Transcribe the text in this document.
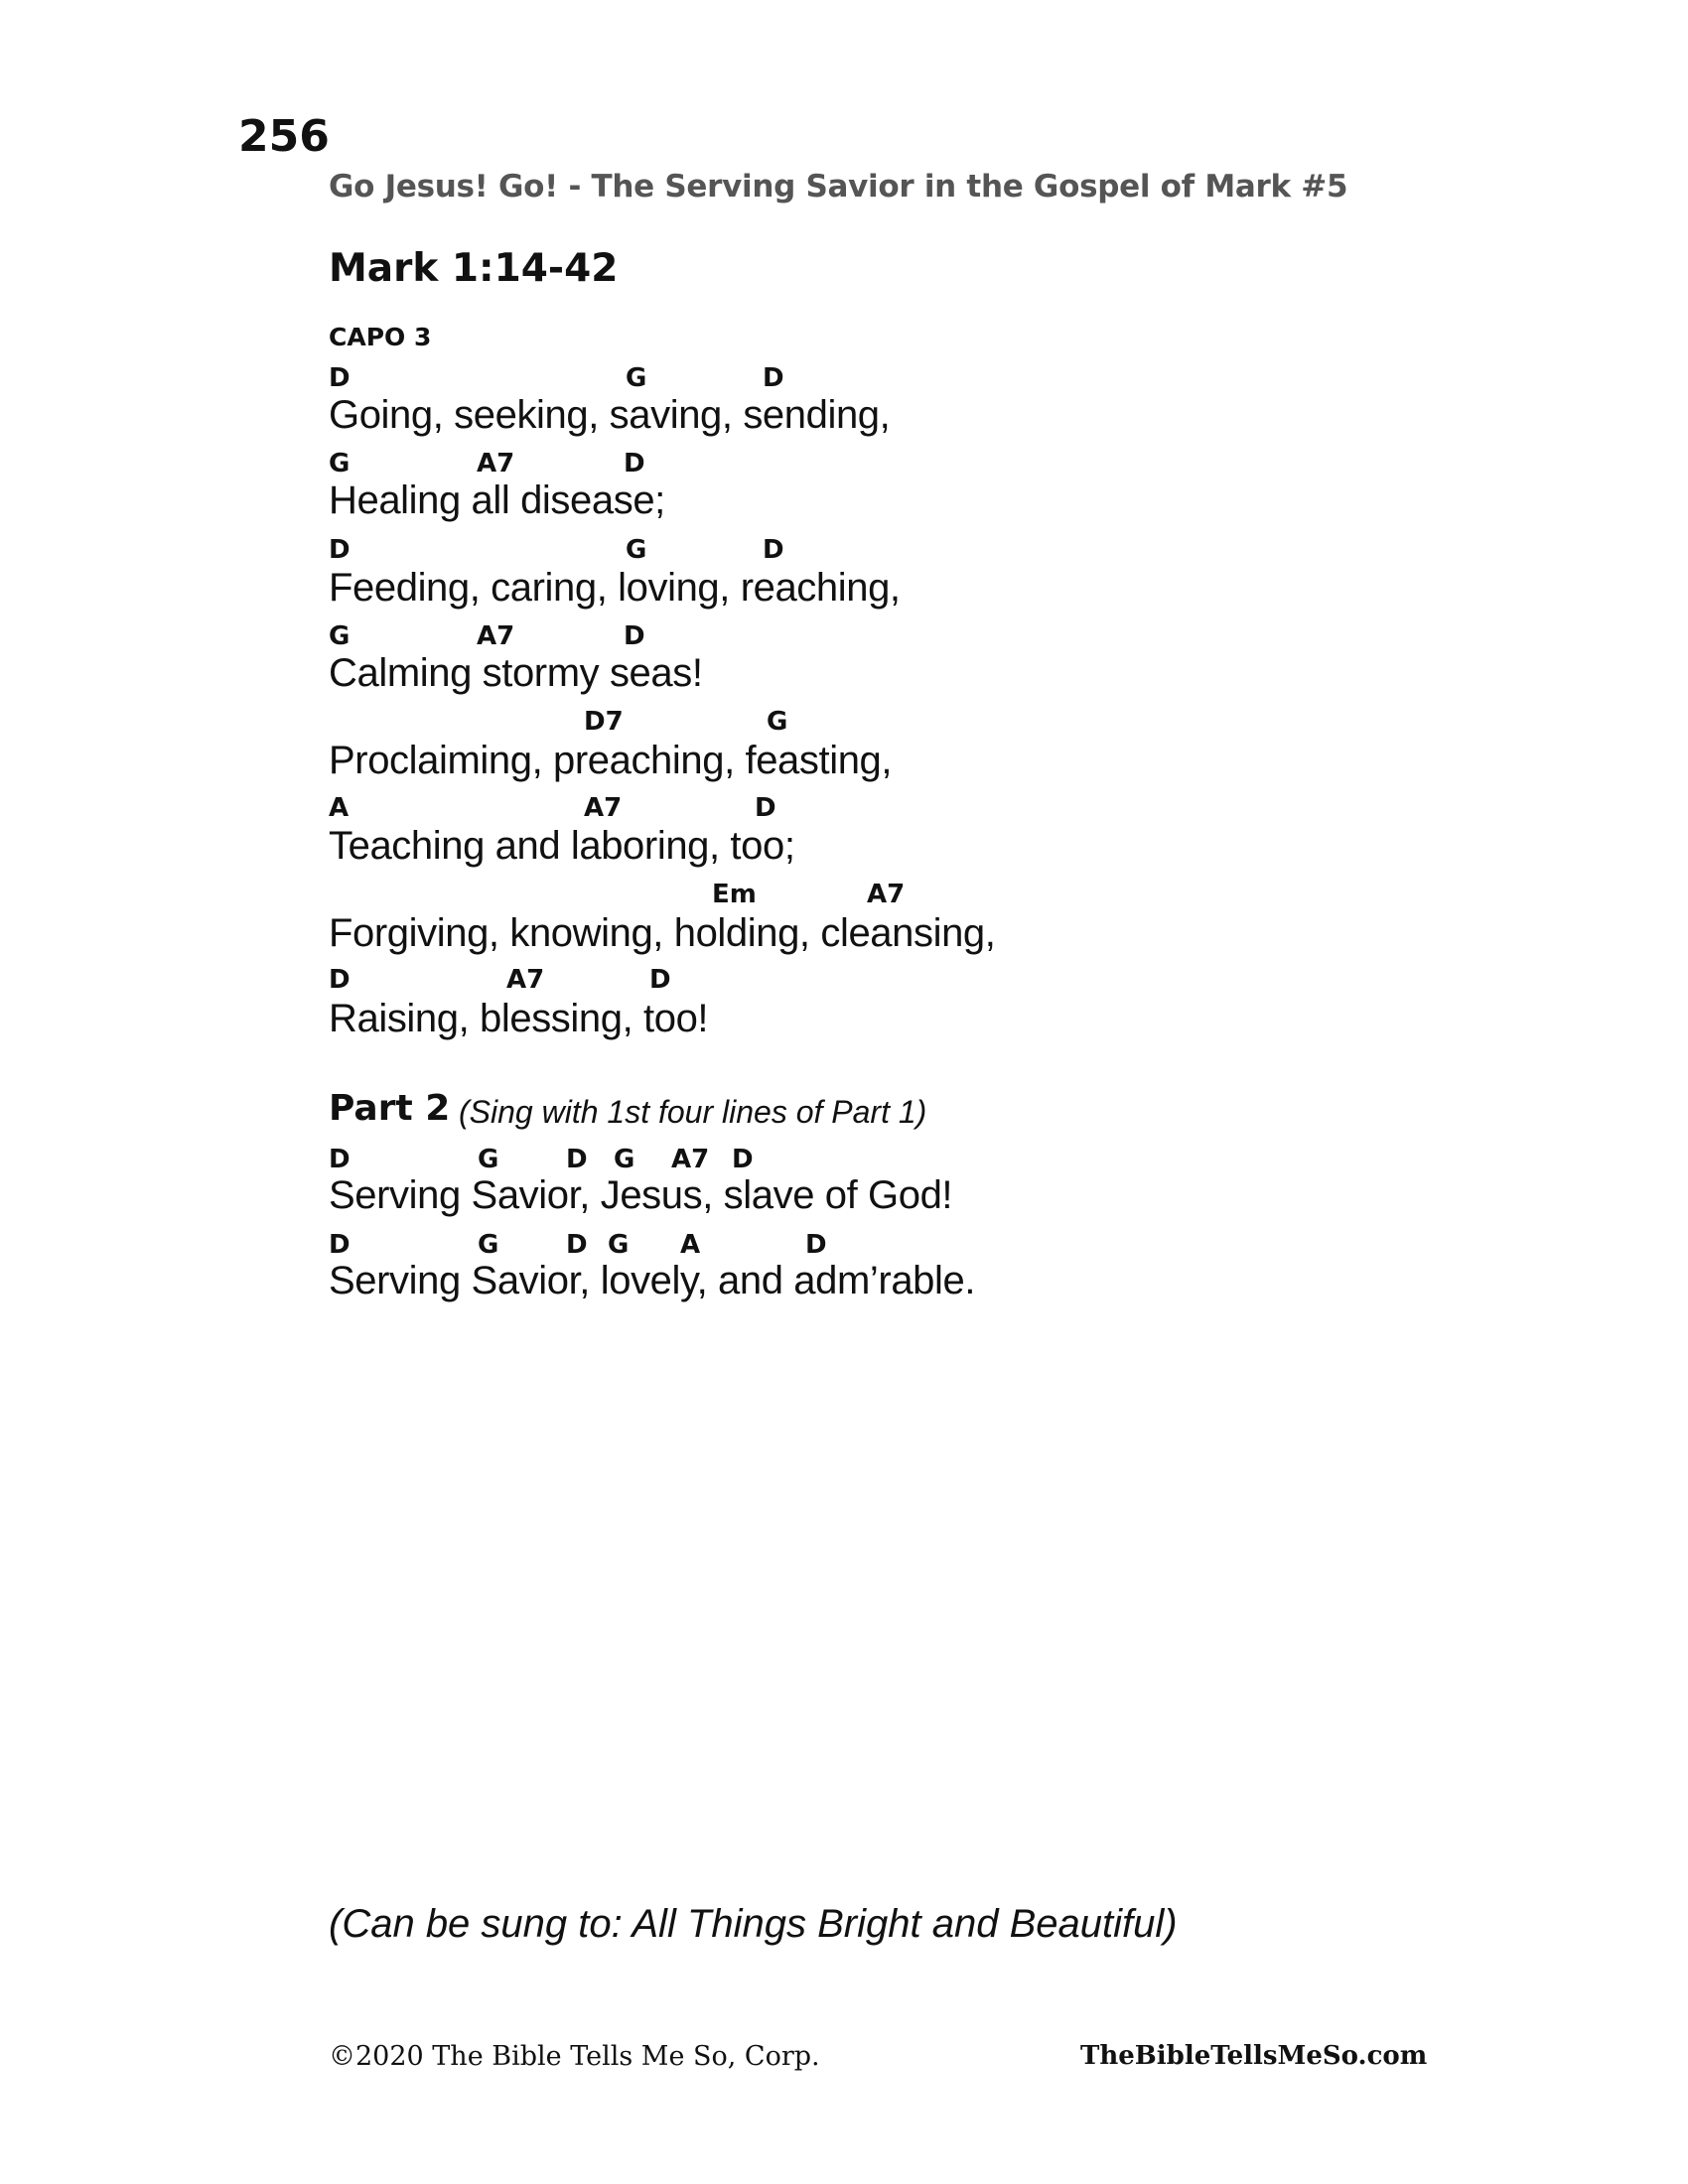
256
Go Jesus! Go! - The Serving Savior in the Gospel of Mark #5
Mark 1:14-42
CAPO 3
D	G	D
Going, seeking, saving, sending,
G	A7	D
Healing all disease;
D	G	D
Feeding, caring, loving, reaching,
G	A7	D
Calming stormy seas!
D7	G
Proclaiming, preaching, feasting,
A	A7	D
Teaching and laboring, too;
Em	A7
Forgiving, knowing, holding, cleansing,
D	A7	D
Raising, blessing, too!
Part 2 (Sing with 1st four lines of Part 1)
D	G	D G A7 D
Serving Savior, Jesus, slave of God!
D	G	D G A	D
Serving Savior, lovely, and adm’rable.
(Can be sung to: All Things Bright and Beautiful)
©2020 The Bible Tells Me So, Corp.	TheBibleTellsMeSo.com
